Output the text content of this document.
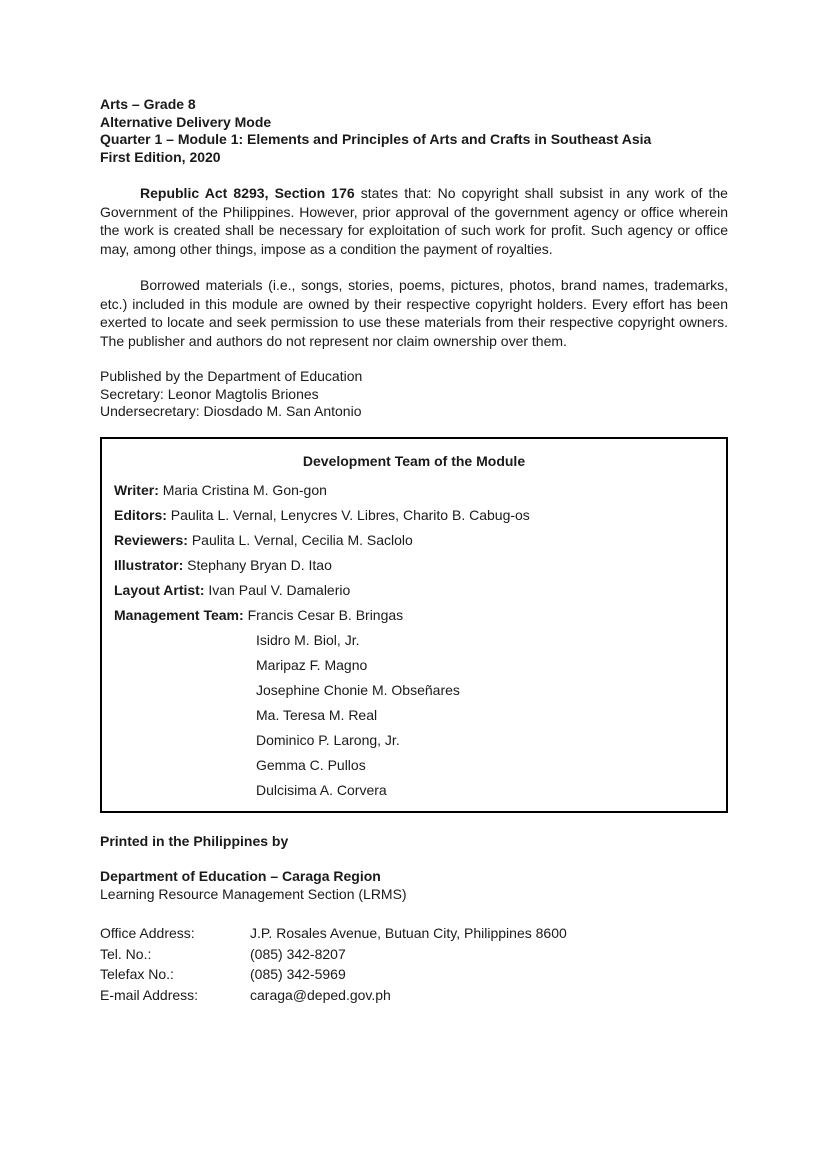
Arts – Grade 8
Alternative Delivery Mode
Quarter 1 – Module 1: Elements and Principles of Arts and Crafts in Southeast Asia
First Edition, 2020

Republic Act 8293, Section 176 states that: No copyright shall subsist in any work of the Government of the Philippines. However, prior approval of the government agency or office wherein the work is created shall be necessary for exploitation of such work for profit. Such agency or office may, among other things, impose as a condition the payment of royalties.

Borrowed materials (i.e., songs, stories, poems, pictures, photos, brand names, trademarks, etc.) included in this module are owned by their respective copyright holders. Every effort has been exerted to locate and seek permission to use these materials from their respective copyright owners. The publisher and authors do not represent nor claim ownership over them.

Published by the Department of Education
Secretary: Leonor Magtolis Briones
Undersecretary: Diosdado M. San Antonio
Development Team of the Module
Writer: Maria Cristina M. Gon-gon
Editors: Paulita L. Vernal, Lenycres V. Libres, Charito B. Cabug-os
Reviewers: Paulita L. Vernal, Cecilia M. Saclolo
Illustrator: Stephany Bryan D. Itao
Layout Artist: Ivan Paul V. Damalerio
Management Team: Francis Cesar B. Bringas
Isidro M. Biol, Jr.
Maripaz F. Magno
Josephine Chonie M. Obseñares
Ma. Teresa M. Real
Dominico P. Larong, Jr.
Gemma C. Pullos
Dulcisima A. Corvera
Printed in the Philippines by
Department of Education – Caraga Region
Learning Resource Management Section (LRMS)
Office Address:	J.P. Rosales Avenue, Butuan City, Philippines 8600
Tel. No.:	(085) 342-8207
Telefax No.:	(085) 342-5969
E-mail Address:	caraga@deped.gov.ph
